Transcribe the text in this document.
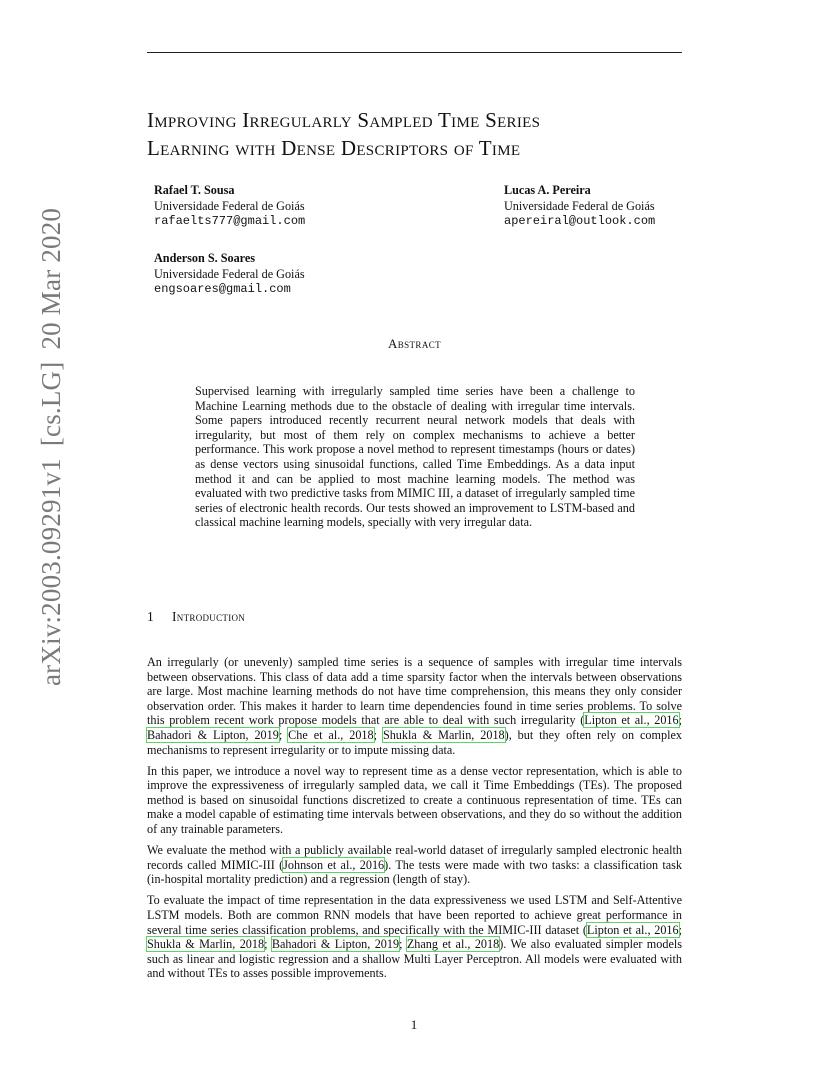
Improving Irregularly Sampled Time Series
Learning with Dense Descriptors of Time
Rafael T. Sousa
Universidade Federal de Goiás
rafaelts777@gmail.com
Lucas A. Pereira
Universidade Federal de Goiás
apereiral@outlook.com
Anderson S. Soares
Universidade Federal de Goiás
engsoares@gmail.com
Abstract

Supervised learning with irregularly sampled time series have been a challenge to Machine Learning methods due to the obstacle of dealing with irregular time intervals. Some papers introduced recently recurrent neural network models that deals with irregularity, but most of them rely on complex mechanisms to achieve a better performance. This work propose a novel method to represent timestamps (hours or dates) as dense vectors using sinusoidal functions, called Time Embeddings. As a data input method it and can be applied to most machine learning models. The method was evaluated with two predictive tasks from MIMIC III, a dataset of irregularly sampled time series of electronic health records. Our tests showed an improvement to LSTM-based and classical machine learning models, specially with very irregular data.

1 Introduction

An irregularly (or unevenly) sampled time series is a sequence of samples with irregular time intervals between observations. This class of data add a time sparsity factor when the intervals between observations are large. Most machine learning methods do not have time comprehension, this means they only consider observation order. This makes it harder to learn time dependencies found in time series problems. To solve this problem recent work propose models that are able to deal with such irregularity (Lipton et al., 2016; Bahadori & Lipton, 2019; Che et al., 2018; Shukla & Marlin, 2018), but they often rely on complex mechanisms to represent irregularity or to impute missing data.

In this paper, we introduce a novel way to represent time as a dense vector representation, which is able to improve the expressiveness of irregularly sampled data, we call it Time Embeddings (TEs). The proposed method is based on sinusoidal functions discretized to create a continuous representation of time. TEs can make a model capable of estimating time intervals between observations, and they do so without the addition of any trainable parameters.

We evaluate the method with a publicly available real-world dataset of irregularly sampled electronic health records called MIMIC-III (Johnson et al., 2016). The tests were made with two tasks: a classification task (in-hospital mortality prediction) and a regression (length of stay).

To evaluate the impact of time representation in the data expressiveness we used LSTM and Self-Attentive LSTM models. Both are common RNN models that have been reported to achieve great performance in several time series classification problems, and specifically with the MIMIC-III dataset (Lipton et al., 2016; Shukla & Marlin, 2018; Bahadori & Lipton, 2019; Zhang et al., 2018). We also evaluated simpler models such as linear and logistic regression and a shallow Multi Layer Perceptron. All models were evaluated with and without TEs to asses possible improvements.

arXiv:2003.09291v1[cs.LG]20 Mar 2020
1
